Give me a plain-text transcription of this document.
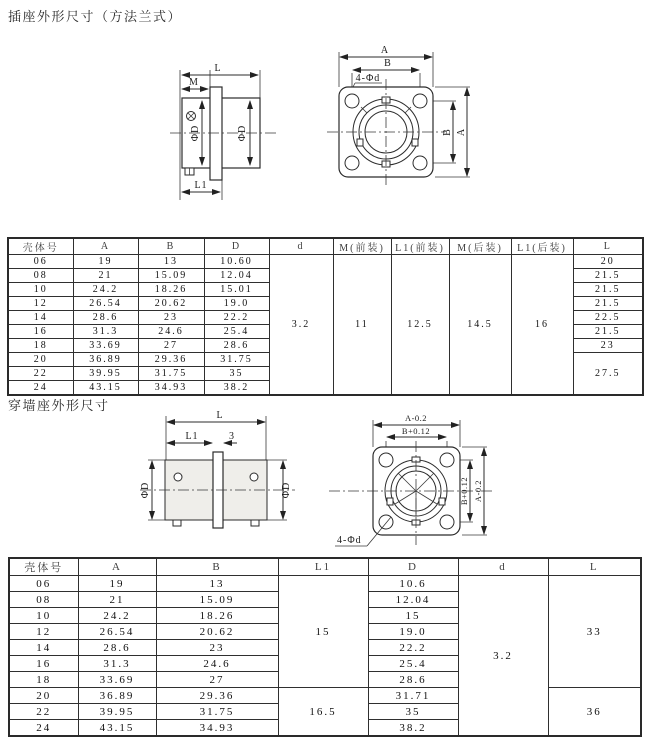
插座外形尺寸（方法兰式）
L
M
ΦD	ΦD
L1
A
B
4-Φd
B A
壳体号	A	B	D	d	M(前装)	L1(前装)	M(后装)	L1(后装)	L
06	19	13	10.60	3.2	11	12.5	14.5	16	20
08	21	15.09	12.04						21.5
10	24.2	18.26	15.01						21.5
12	26.54	20.62	19.0						21.5
14	28.6	23	22.2						22.5
16	31.3	24.6	25.4						21.5
18	33.69	27	28.6						23
20	36.89	29.36	31.75						27.5
22	39.95	31.75	35						
24	43.15	34.93	38.2						
穿墙座外形尺寸
L
L1	3
ΦD	ΦD
A-0.2
B+0.12
B+0.12 A-0.2
4-Φd
壳体号	A	B	L1	D	d	L
06	19	13	15	10.6	3.2	33
08	21	15.09		12.04		
10	24.2	18.26		15		
12	26.54	20.62		19.0		
14	28.6	23		22.2		
16	31.3	24.6		25.4		
18	33.69	27		28.6		
20	36.89	29.36	16.5	31.71		36
22	39.95	31.75		35		
24	43.15	34.93		38.2		
